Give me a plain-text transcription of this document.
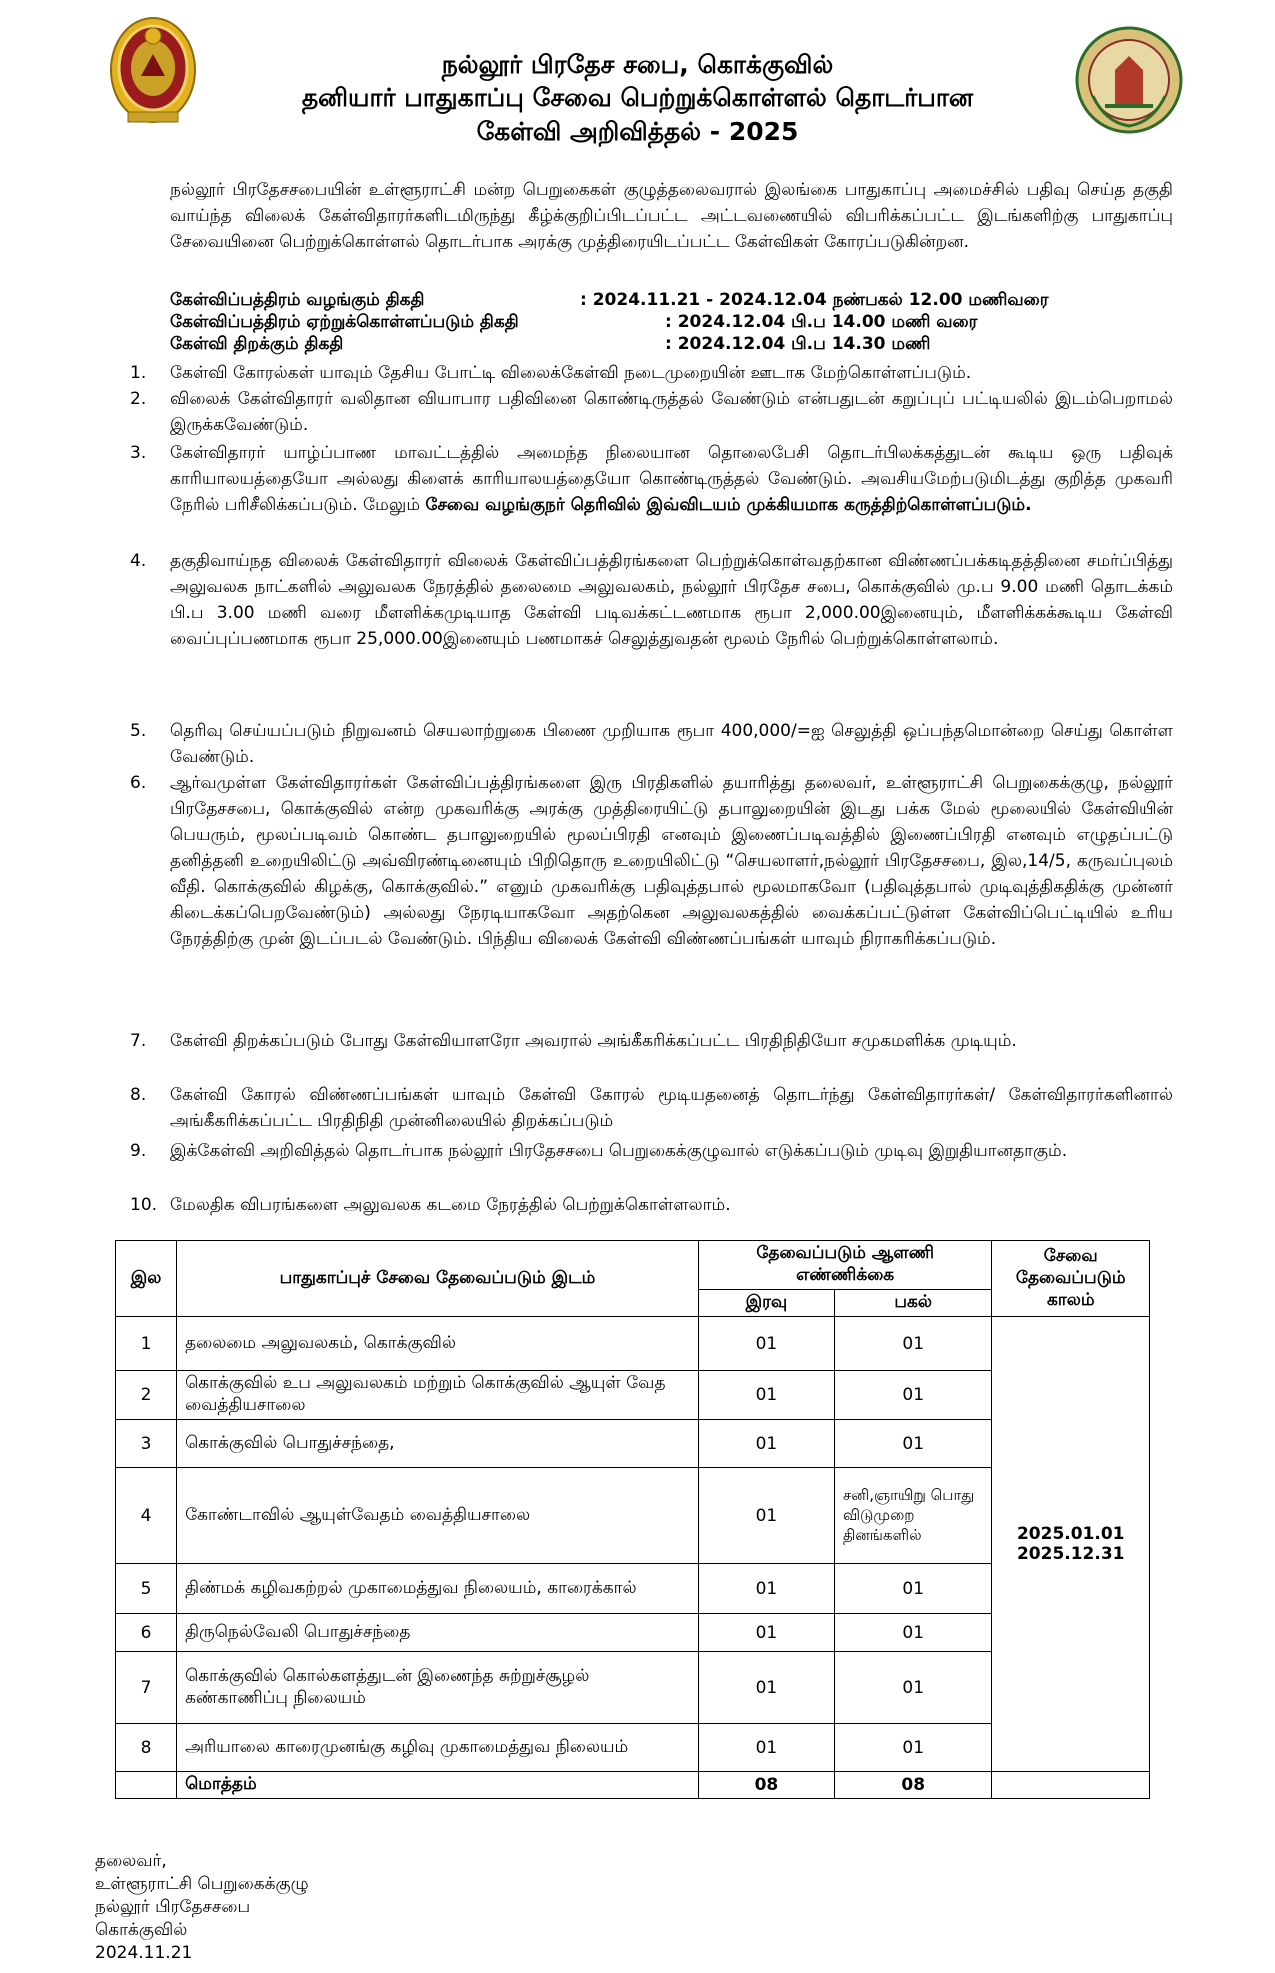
நல்லூர் பிரதேச சபை, கொக்குவில்
தனியார் பாதுகாப்பு சேவை பெற்றுக்கொள்ளல் தொடர்பான
கேள்வி அறிவித்தல் - 2025
நல்லூர் பிரதேசசபையின் உள்ளூராட்சி மன்ற பெறுகைகள் குழுத்தலைவரால் இலங்கை பாதுகாப்பு அமைச்சில் பதிவு செய்த தகுதி வாய்ந்த விலைக் கேள்விதாரர்களிடமிருந்து கீழ்க்குறிப்பிடப்பட்ட அட்டவணையில் விபரிக்கப்பட்ட இடங்களிற்கு பாதுகாப்பு சேவையினை பெற்றுக்கொள்ளல் தொடர்பாக அரக்கு முத்திரையிடப்பட்ட கேள்விகள் கோரப்படுகின்றன.
கேள்விப்பத்திரம் வழங்கும் திகதி	: 2024.11.21 - 2024.12.04 நண்பகல் 12.00 மணிவரை
கேள்விப்பத்திரம் ஏற்றுக்கொள்ளப்படும் திகதி	: 2024.12.04 பி.ப 14.00 மணி வரை
கேள்வி திறக்கும் திகதி	: 2024.12.04 பி.ப 14.30 மணி
1. கேள்வி கோரல்கள் யாவும் தேசிய போட்டி விலைக்கேள்வி நடைமுறையின் ஊடாக மேற்கொள்ளப்படும்.
2. விலைக் கேள்விதாரர் வலிதான வியாபார பதிவினை கொண்டிருத்தல் வேண்டும் என்பதுடன் கறுப்புப் பட்டியலில் இடம்பெறாமல் இருக்கவேண்டும்.
3. கேள்விதாரர் யாழ்ப்பாண மாவட்டத்தில் அமைந்த நிலையான தொலைபேசி தொடர்பிலக்கத்துடன் கூடிய ஒரு பதிவுக் காரியாலயத்தையோ அல்லது கிளைக் காரியாலயத்தையோ கொண்டிருத்தல் வேண்டும். அவசியமேற்படுமிடத்து குறித்த முகவரி நேரில் பரிசீலிக்கப்படும். மேலும் சேவை வழங்குநர் தெரிவில் இவ்விடயம் முக்கியமாக கருத்திற்கொள்ளப்படும்.
4. தகுதிவாய்நத விலைக் கேள்விதாரர் விலைக் கேள்விப்பத்திரங்களை பெற்றுக்கொள்வதற்கான விண்ணப்பக்கடிதத்தினை சமர்ப்பித்து அலுவலக நாட்களில் அலுவலக நேரத்தில் தலைமை அலுவலகம், நல்லூர் பிரதேச சபை, கொக்குவில் மு.ப 9.00 மணி தொடக்கம் பி.ப 3.00 மணி வரை மீளளிக்கமுடியாத கேள்வி படிவக்கட்டணமாக ரூபா 2,000.00இனையும், மீளளிக்கக்கூடிய கேள்வி வைப்புப்பணமாக ரூபா 25,000.00இனையும் பணமாகச் செலுத்துவதன் மூலம் நேரில் பெற்றுக்கொள்ளலாம்.
5. தெரிவு செய்யப்படும் நிறுவனம் செயலாற்றுகை பிணை முறியாக ரூபா 400,000/=ஐ செலுத்தி ஒப்பந்தமொன்றை செய்து கொள்ள வேண்டும்.
6. ஆர்வமுள்ள கேள்விதாரர்கள் கேள்விப்பத்திரங்களை இரு பிரதிகளில் தயாரித்து தலைவர், உள்ளூராட்சி பெறுகைக்குழு, நல்லூர் பிரதேசசபை, கொக்குவில் என்ற முகவரிக்கு அரக்கு முத்திரையிட்டு தபாலுறையின் இடது பக்க மேல் மூலையில் கேள்வியின் பெயரும், மூலப்படிவம் கொண்ட தபாலுறையில் மூலப்பிரதி எனவும் இணைப்படிவத்தில் இணைப்பிரதி எனவும் எழுதப்பட்டு தனித்தனி உறையிலிட்டு அவ்விரண்டினையும் பிறிதொரு உறையிலிட்டு “செயலாளர்,நல்லூர் பிரதேசசபை, இல,14/5, கருவப்புலம் வீதி. கொக்குவில் கிழக்கு, கொக்குவில்.” எனும் முகவரிக்கு பதிவுத்தபால் மூலமாகவோ (பதிவுத்தபால் முடிவுத்திகதிக்கு முன்னர் கிடைக்கப்பெறவேண்டும்) அல்லது நேரடியாகவோ அதற்கென அலுவலகத்தில் வைக்கப்பட்டுள்ள கேள்விப்பெட்டியில் உரிய நேரத்திற்கு முன் இடப்படல் வேண்டும். பிந்திய விலைக் கேள்வி விண்ணப்பங்கள் யாவும் நிராகரிக்கப்படும்.
7. கேள்வி திறக்கப்படும் போது கேள்வியாளரோ அவரால் அங்கீகரிக்கப்பட்ட பிரதிநிதியோ சமுகமளிக்க முடியும்.
8. கேள்வி கோரல் விண்ணப்பங்கள் யாவும் கேள்வி கோரல் மூடியதனைத் தொடர்ந்து கேள்விதாரர்கள்/ கேள்விதாரர்களினால் அங்கீகரிக்கப்பட்ட பிரதிநிதி முன்னிலையில் திறக்கப்படும்
9. இக்கேள்வி அறிவித்தல் தொடர்பாக நல்லூர் பிரதேசசபை பெறுகைக்குழுவால் எடுக்கப்படும் முடிவு இறுதியானதாகும்.
10. மேலதிக விபரங்களை அலுவலக கடமை நேரத்தில் பெற்றுக்கொள்ளலாம்.
இல	பாதுகாப்புச் சேவை தேவைப்படும் இடம்	தேவைப்படும் ஆளணி எண்ணிக்கை		சேவை தேவைப்படும் காலம்
		இரவு	பகல்	
1	தலைமை அலுவலகம், கொக்குவில்	01	01	2025.01.01
2025.12.31

2	கொக்குவில் உப அலுவலகம் மற்றும் கொக்குவில் ஆயுள் வேத வைத்தியசாலை	01	01	
3	கொக்குவில் பொதுச்சந்தை,	01	01	
4	கோண்டாவில் ஆயுள்வேதம் வைத்தியசாலை	01	சனி,ஞாயிறு பொது விடுமுறை தினங்களில்	
5	திண்மக் கழிவகற்றல் முகாமைத்துவ நிலையம், காரைக்கால்	01	01	
6	திருநெல்வேலி பொதுச்சந்தை	01	01	
7	கொக்குவில் கொல்களத்துடன் இணைந்த சுற்றுச்சூழல் கண்காணிப்பு நிலையம்	01	01	
8	அரியாலை காரைமுனங்கு கழிவு முகாமைத்துவ நிலையம்	01	01	
	மொத்தம்	08	08	
தலைவர்,
உள்ளூராட்சி பெறுகைக்குழு
நல்லூர் பிரதேசசபை
கொக்குவில்
2024.11.21
